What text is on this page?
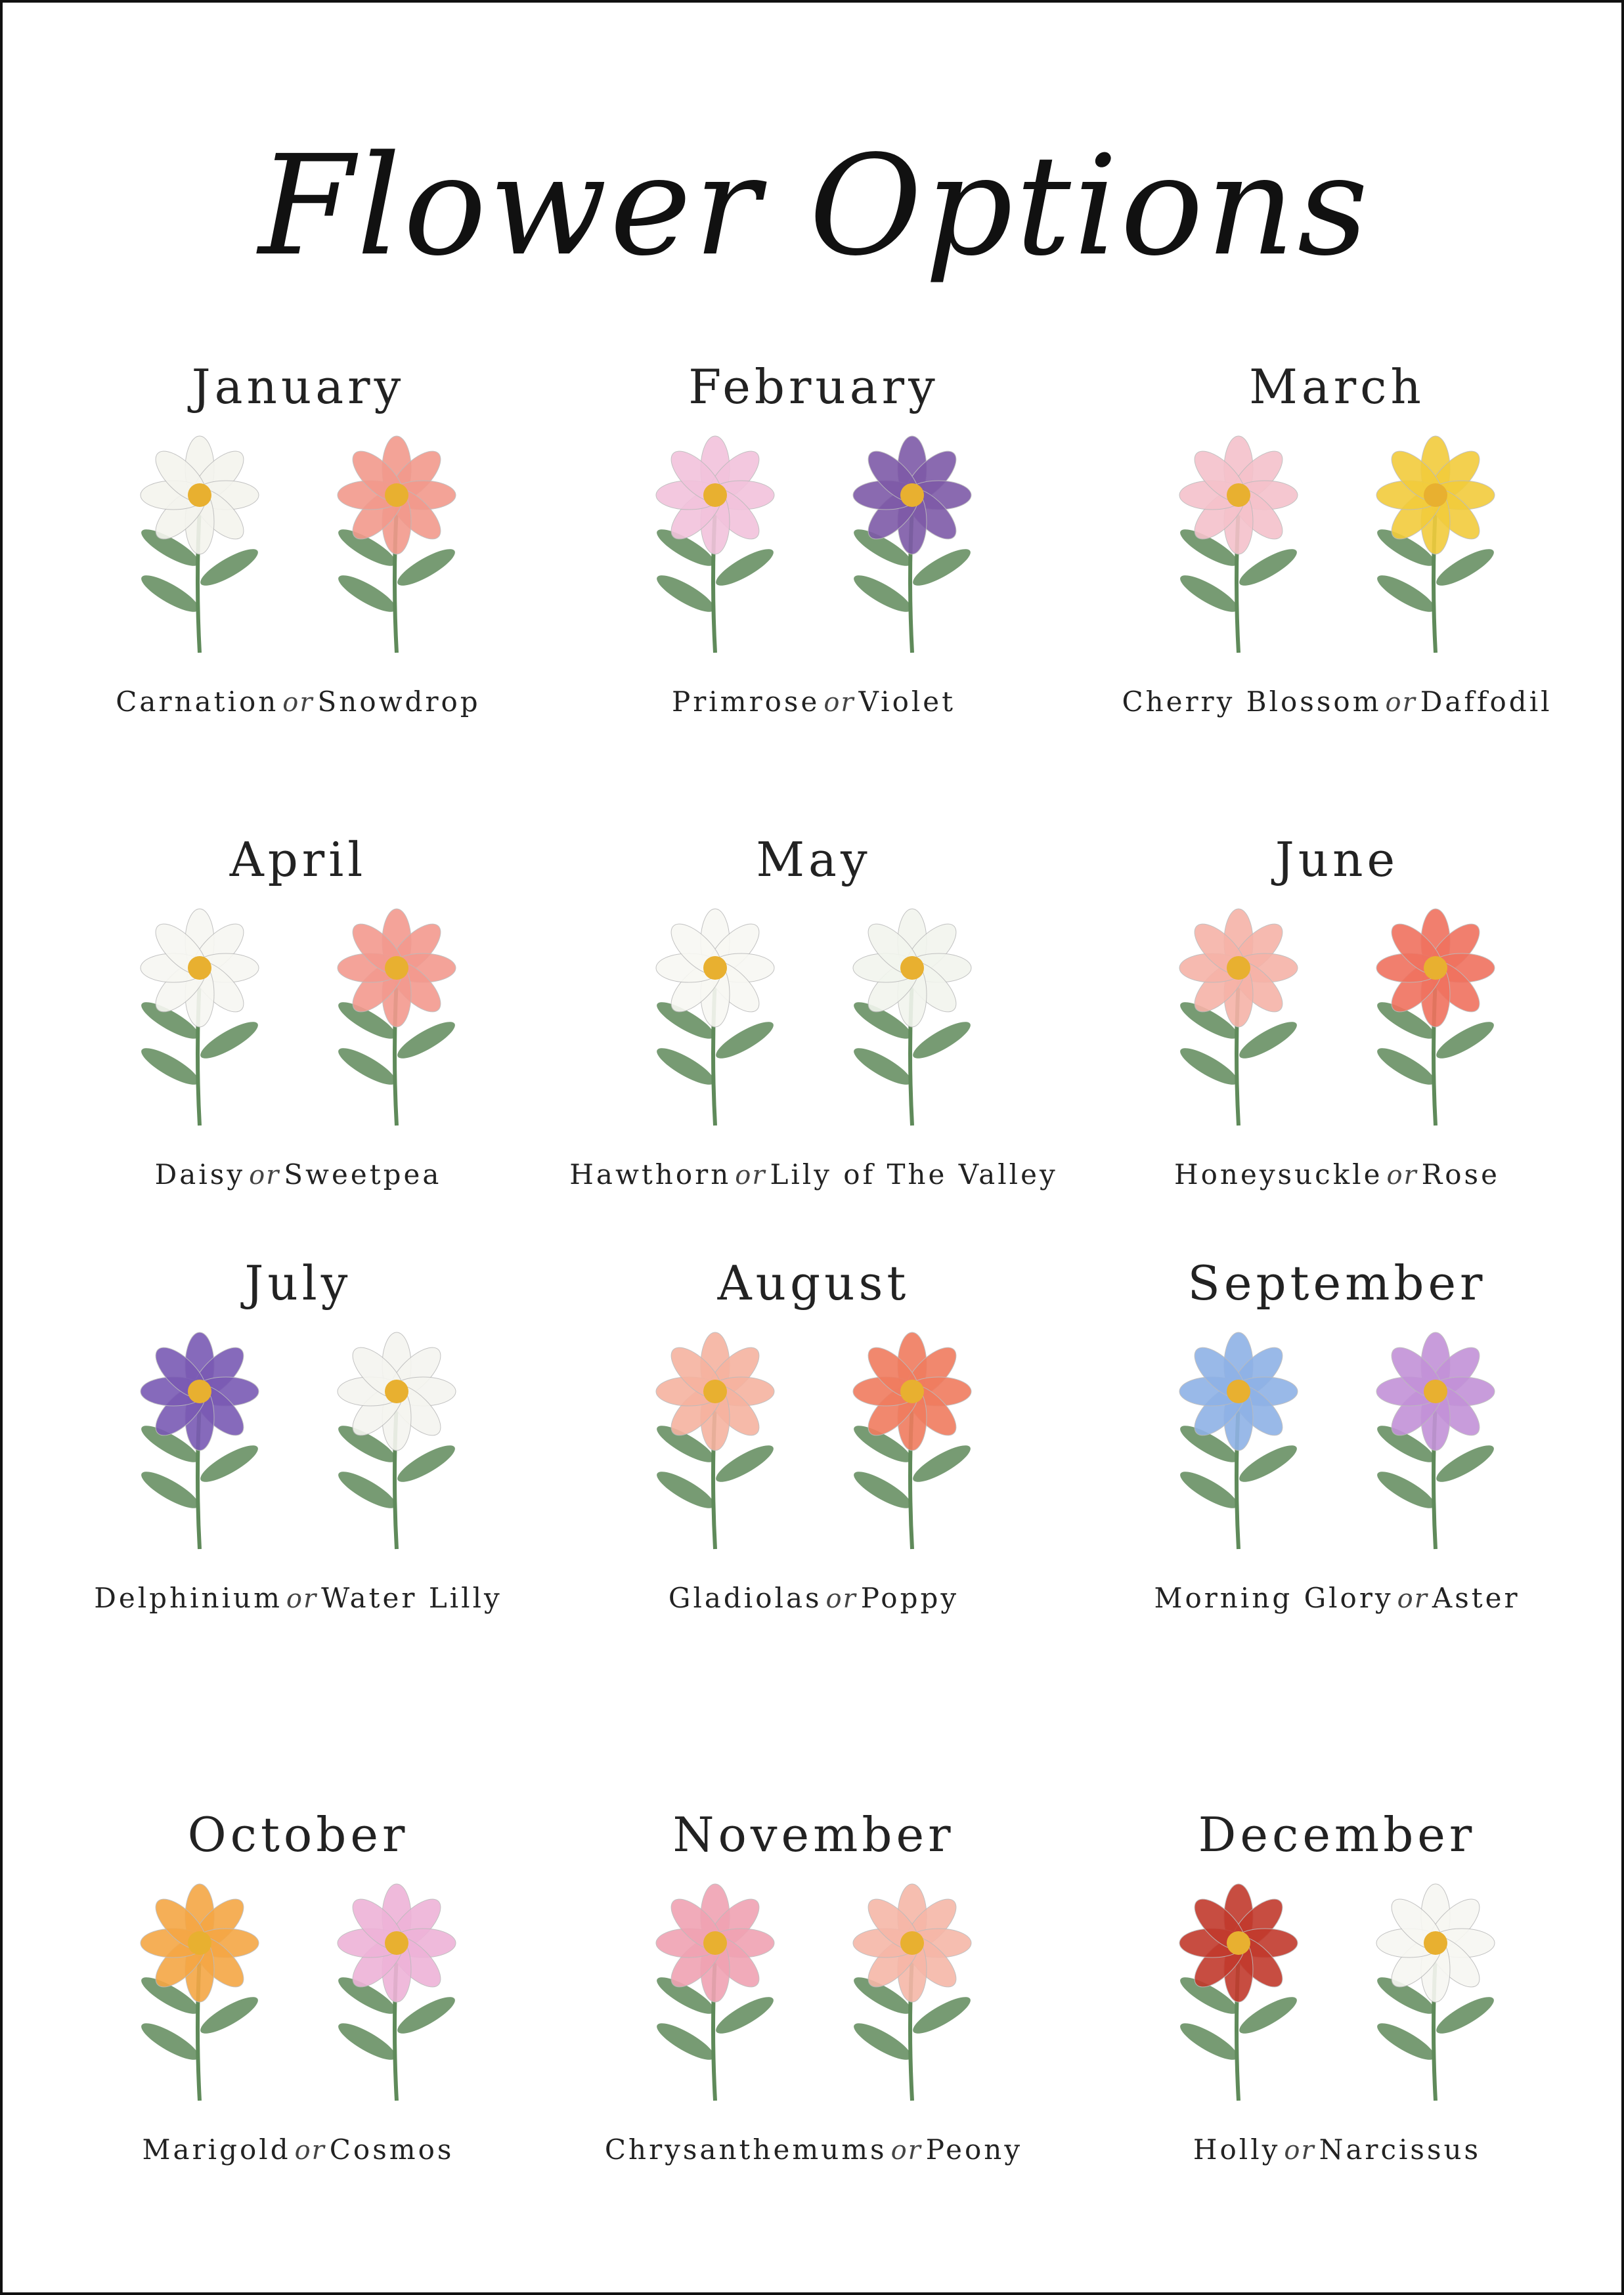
Flower Options
January
Carnation or Snowdrop
February
Primrose or Violet
March
Cherry Blossom or Daffodil
April
Daisy or Sweetpea
May
Hawthorn or Lily of The Valley
June
Honeysuckle or Rose
July
Delphinium or Water Lilly
August
Gladiolas or Poppy
September
Morning Glory or Aster
October
Marigold or Cosmos
November
Chrysanthemums or Peony
December
Holly or Narcissus
